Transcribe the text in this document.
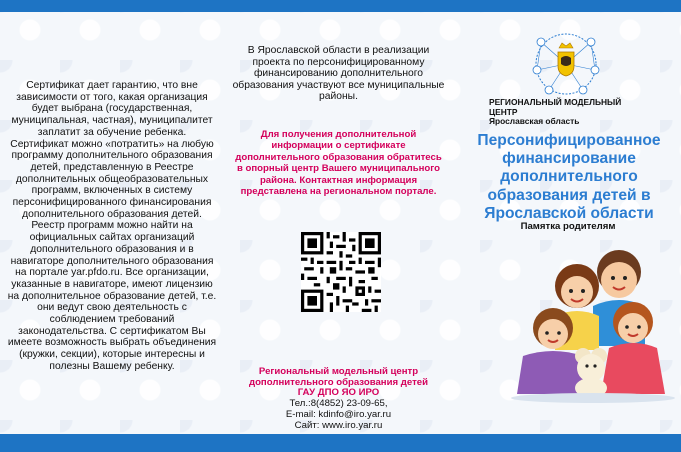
Сертификат дает гарантию, что вне зависимости от того, какая организация будет выбрана (государственная, муниципальная, частная), муниципалитет заплатит за обучение ребенка.

Сертификат можно «потратить» на любую программу дополнительного образования детей, представленную в Реестре дополнительных общеобразовательных программ, включенных в систему персонифицированного финансирования дополнительного образования детей. Реестр программ можно найти на официальных сайтах организаций дополнительного образования и в навигаторе дополнительного образования на портале yar.pfdo.ru. Все организации, указанные в навигаторе, имеют лицензию на дополнительное образование детей, т.е. они ведут свою деятельность с соблюдением требований законодательства. С сертификатом Вы имеете возможность выбрать объединения (кружки, секции), которые интересны и полезны Вашему ребенку.

В Ярославской области в реализации проекта по персонифицированному финансированию дополнительного образования участвуют все муниципальные районы.
Для получения дополнительной информации о сертификате дополнительного образования обратитесь в опорный центр Вашего муниципального района. Контактная информация представлена на региональном портале.
Региональный модельный центр
дополнительного образования детей
ГАУ ДПО ЯО ИРО
Тел.:8(4852) 23-09-65,
E-mail: kdinfo@iro.yar.ru
Сайт: www.iro.yar.ru
РЕГИОНАЛЬНЫЙ МОДЕЛЬНЫЙ ЦЕНТР
Ярославская область
Персонифицированное финансирование дополнительного образования детей в Ярославской области
Памятка родителям
